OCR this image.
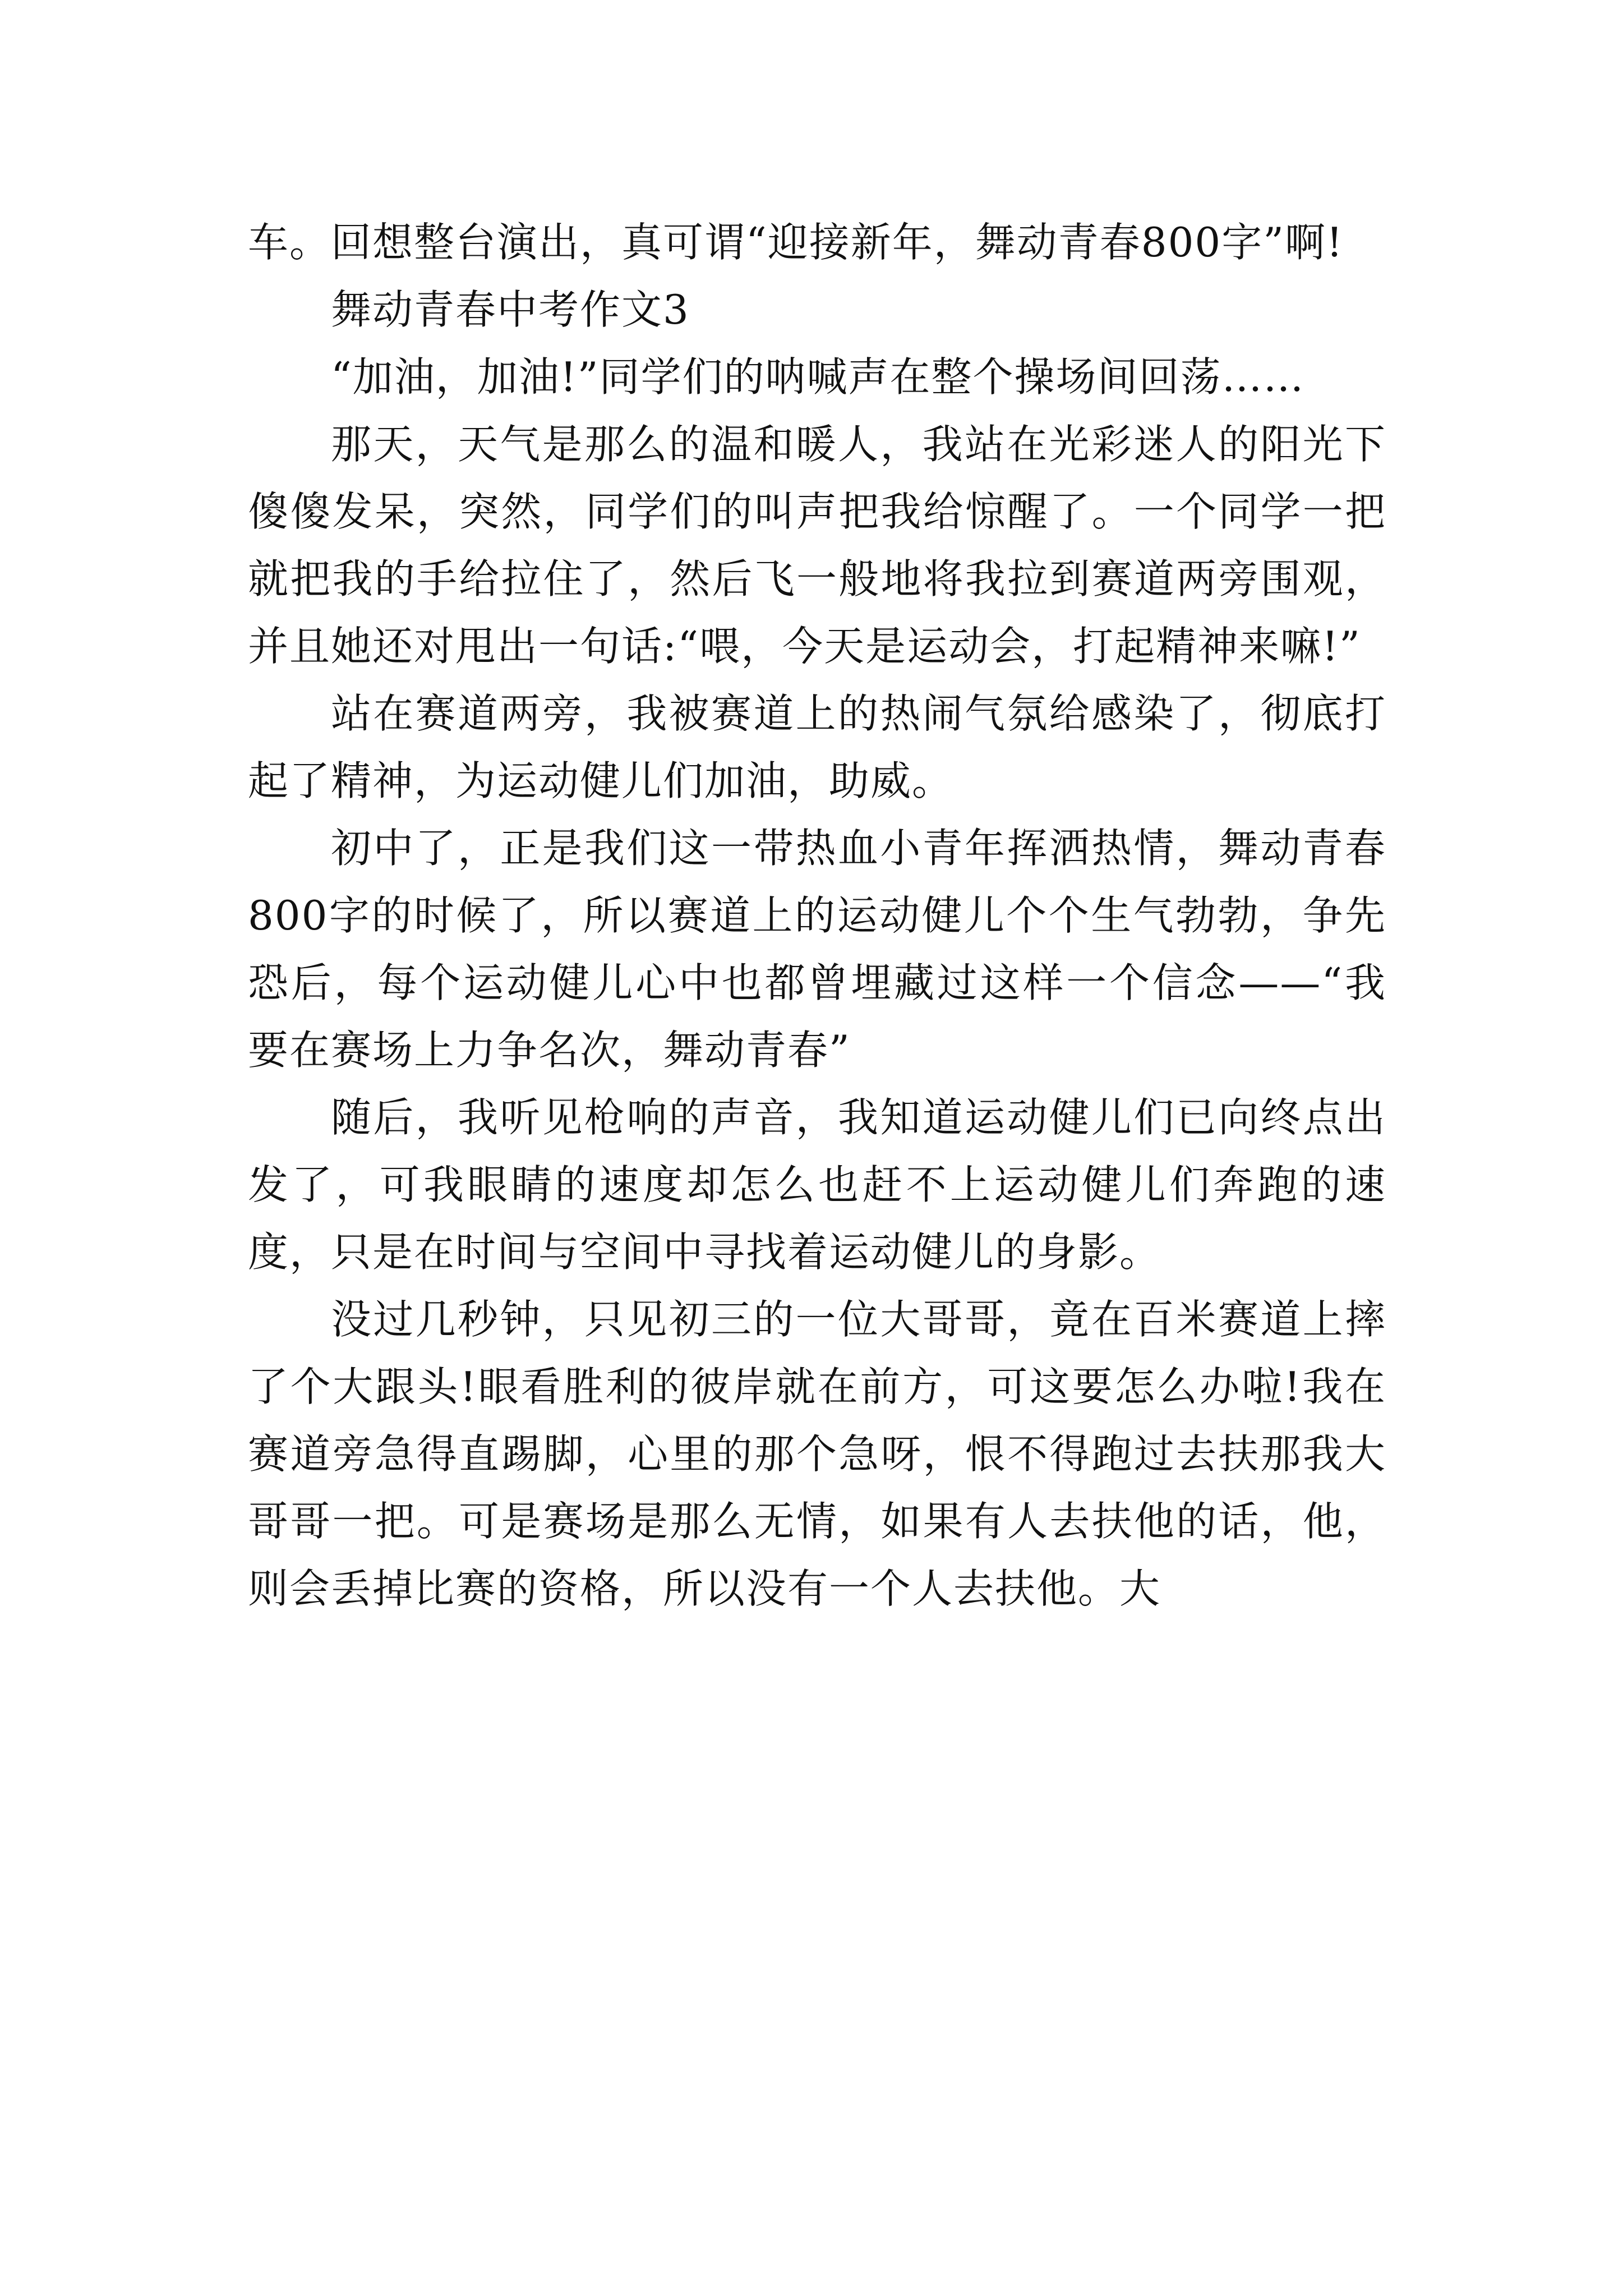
车。回想整台演出，真可谓“迎接新年，舞动青春800字”啊!

舞动青春中考作文3

“加油，加油!”同学们的呐喊声在整个操场间回荡……

那天，天气是那么的温和暖人，我站在光彩迷人的阳光下傻傻发呆，突然，同学们的叫声把我给惊醒了。一个同学一把就把我的手给拉住了，然后飞一般地将我拉到赛道两旁围观，并且她还对甩出一句话:“喂，今天是运动会，打起精神来嘛!”

站在赛道两旁，我被赛道上的热闹气氛给感染了，彻底打起了精神，为运动健儿们加油，助威。

初中了，正是我们这一带热血小青年挥洒热情，舞动青春800字的时候了，所以赛道上的运动健儿个个生气勃勃，争先恐后，每个运动健儿心中也都曾埋藏过这样一个信念——“我要在赛场上力争名次，舞动青春”

随后，我听见枪响的声音，我知道运动健儿们已向终点出发了，可我眼睛的速度却怎么也赶不上运动健儿们奔跑的速度，只是在时间与空间中寻找着运动健儿的身影。

没过几秒钟，只见初三的一位大哥哥，竟在百米赛道上摔了个大跟头!眼看胜利的彼岸就在前方，可这要怎么办啦!我在赛道旁急得直踢脚，心里的那个急呀，恨不得跑过去扶那我大哥哥一把。可是赛场是那么无情，如果有人去扶他的话，他，则会丢掉比赛的资格，所以没有一个人去扶他。大
